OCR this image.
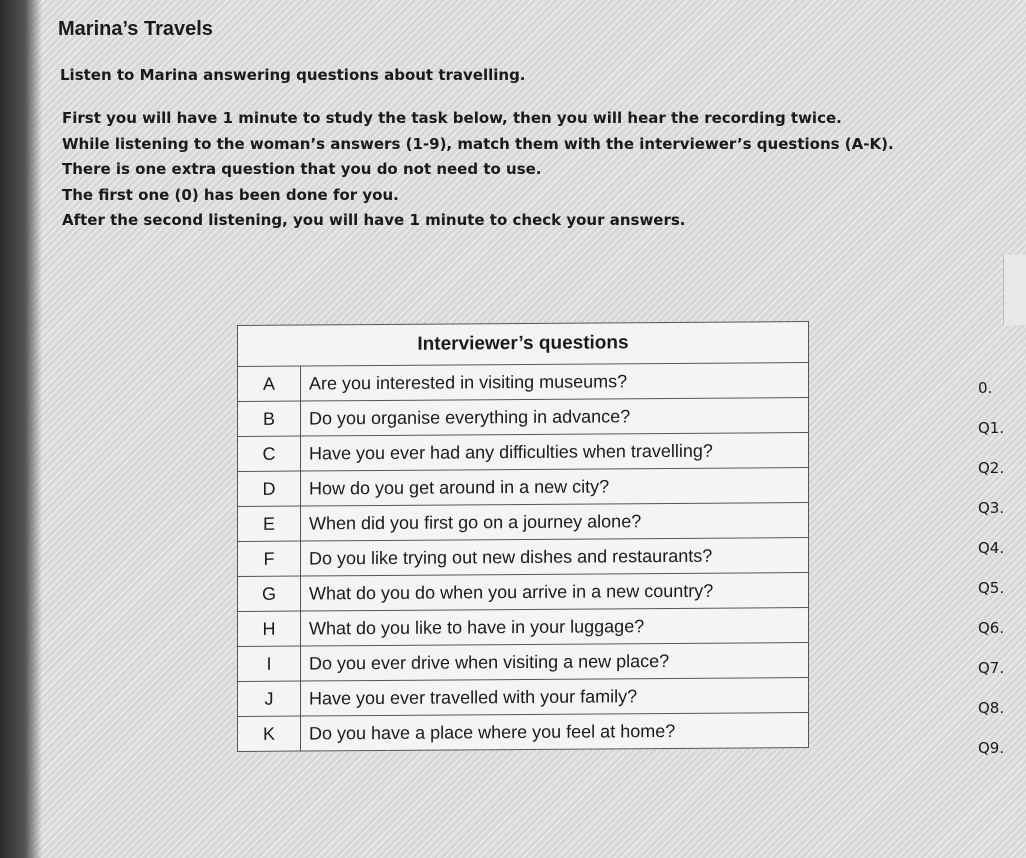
Marina’s Travels
Listen to Marina answering questions about travelling.
First you will have 1 minute to study the task below, then you will hear the recording twice.
While listening to the woman’s answers (1-9), match them with the interviewer’s questions (A-K).
There is one extra question that you do not need to use.
The first one (0) has been done for you.
After the second listening, you will have 1 minute to check your answers.
Interviewer’s questions	
A	Are you interested in visiting museums?
B	Do you organise everything in advance?
C	Have you ever had any difficulties when travelling?
D	How do you get around in a new city?
E	When did you first go on a journey alone?
F	Do you like trying out new dishes and restaurants?
G	What do you do when you arrive in a new country?
H	What do you like to have in your luggage?
I	Do you ever drive when visiting a new place?
J	Have you ever travelled with your family?
K	Do you have a place where you feel at home?
0.
Q1.
Q2.
Q3.
Q4.
Q5.
Q6.
Q7.
Q8.
Q9.
